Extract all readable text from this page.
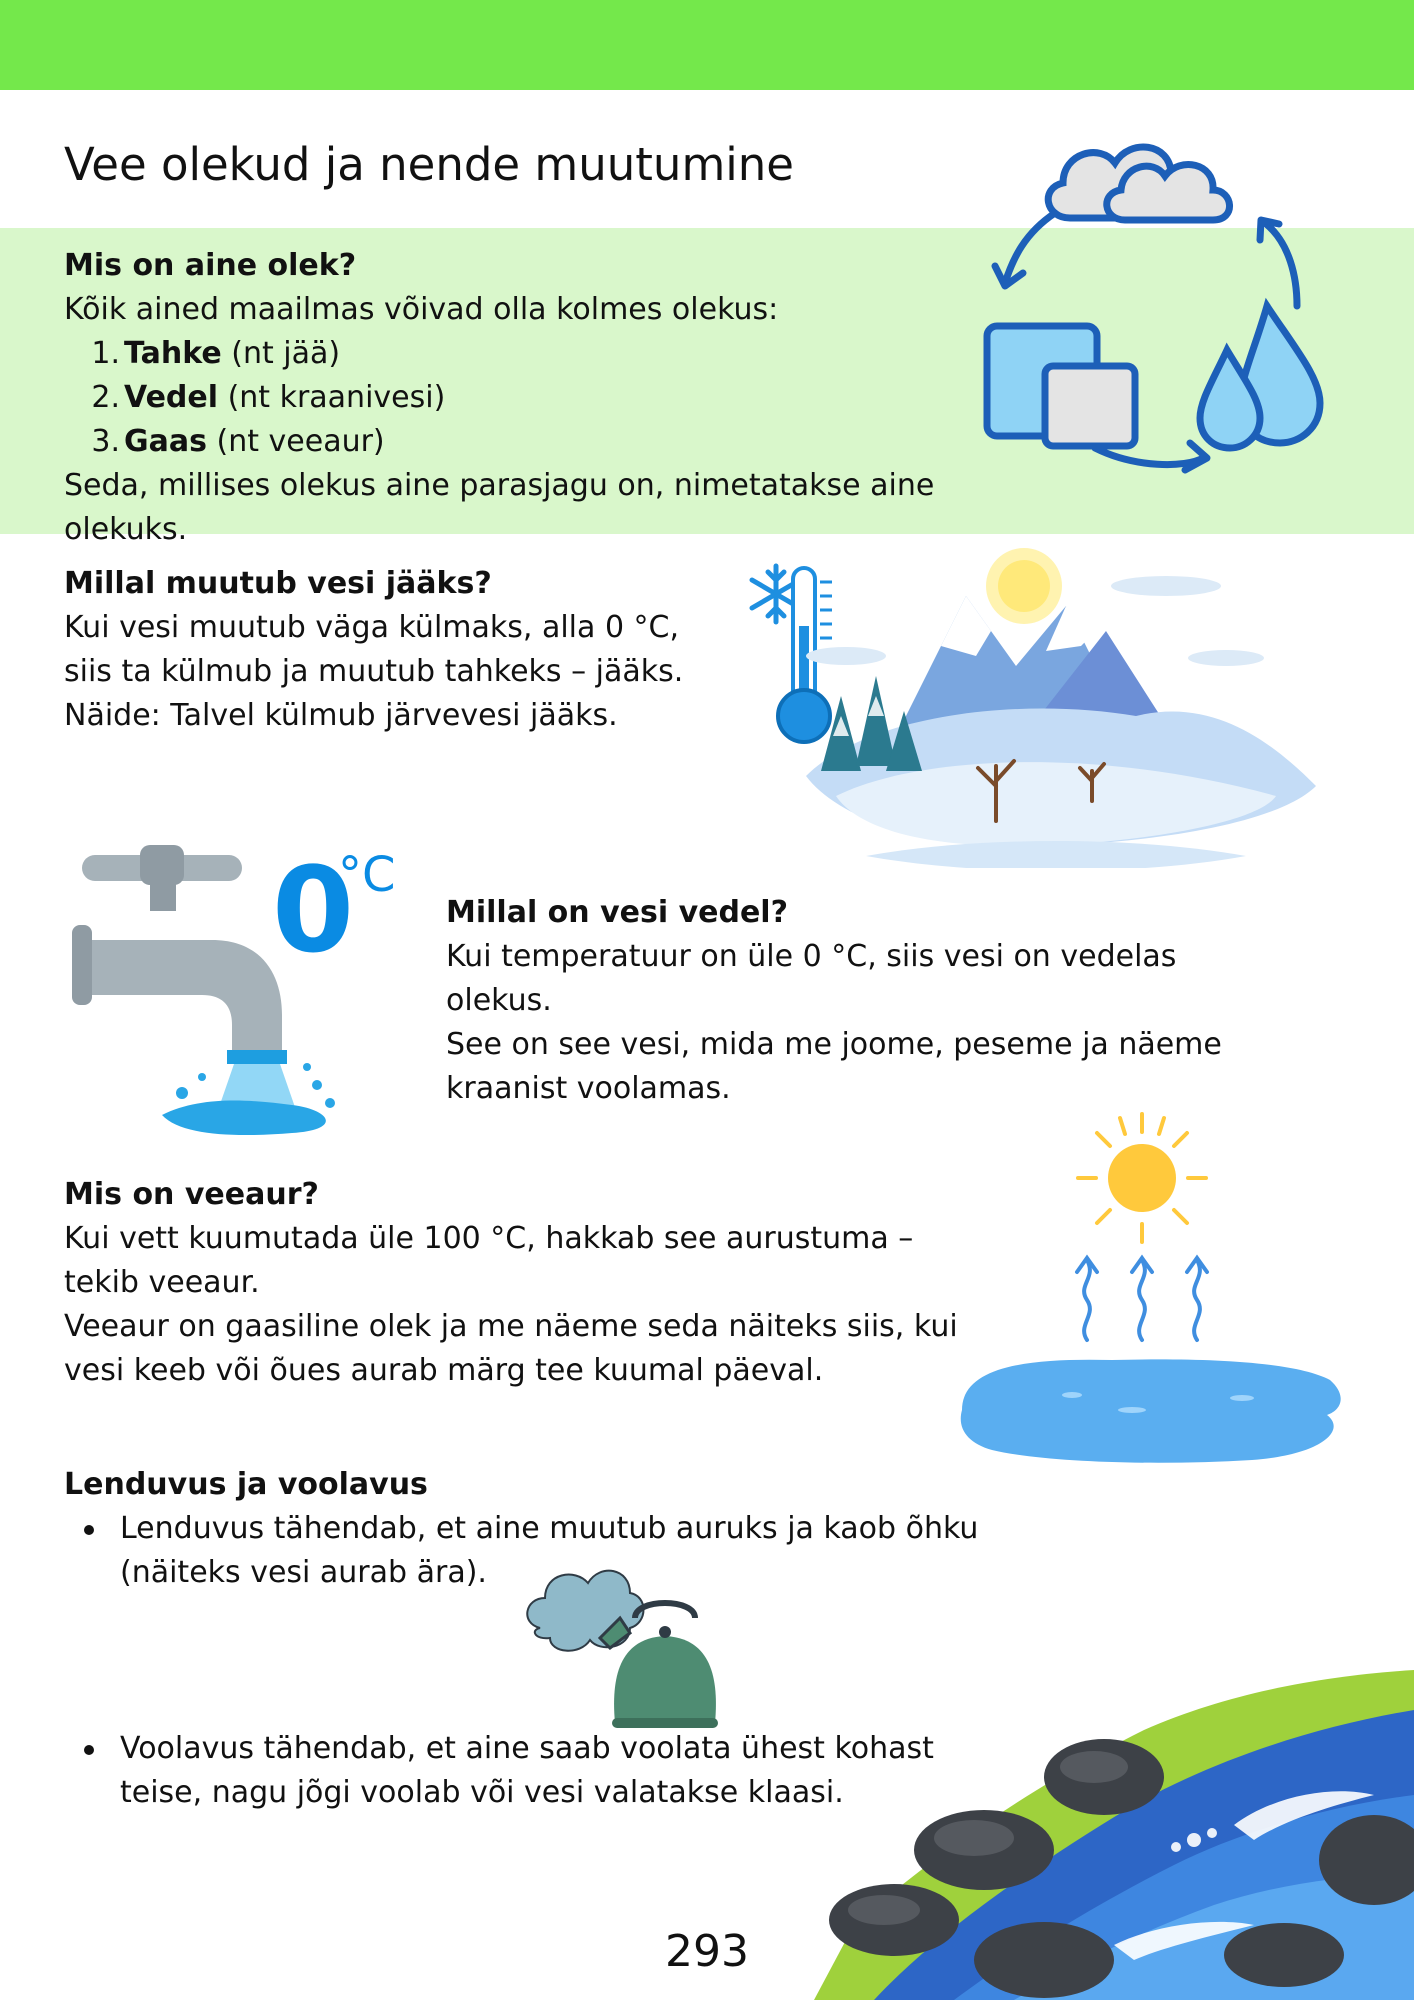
Vee olekud ja nende muutumine
Mis on aine olek?
Kõik ained maailmas võivad olla kolmes olekus:
1. Tahke (nt jää)
2. Vedel (nt kraanivesi)
3. Gaas (nt veeaur)
Seda, millises olekus aine parasjagu on, nimetatakse aine olekuks.
Millal muutub vesi jääks?
Kui vesi muutub väga külmaks, alla 0 °C,
siis ta külmub ja muutub tahkeks – jääks.
Näide: Talvel külmub järvevesi jääks.
0
°C
Millal on vesi vedel?
Kui temperatuur on üle 0 °C, siis vesi on vedelas
olekus.
See on see vesi, mida me joome, peseme ja näeme
kraanist voolamas.
Mis on veeaur?
Kui vett kuumutada üle 100 °C, hakkab see aurustuma –
tekib veeaur.
Veeaur on gaasiline olek ja me näeme seda näiteks siis, kui
vesi keeb või õues aurab märg tee kuumal päeval.
Lenduvus ja voolavus
Lenduvus tähendab, et aine muutub auruks ja kaob õhku
(näiteks vesi aurab ära).
Voolavus tähendab, et aine saab voolata ühest kohast
teise, nagu jõgi voolab või vesi valatakse klaasi.
293
